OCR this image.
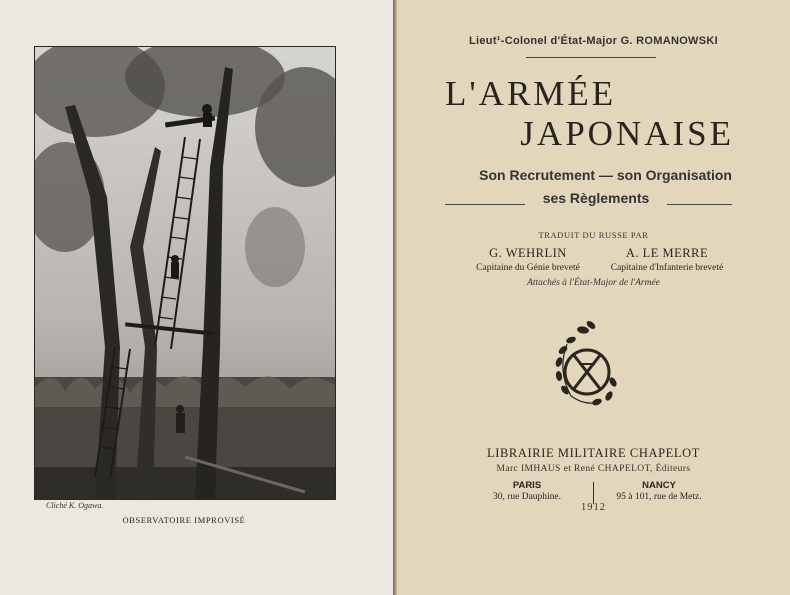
Cliché K. Ogawa.
OBSERVATOIRE IMPROVISÉ
Lieut¹-Colonel d'État-Major G. ROMANOWSKI
L'ARMÉE
JAPONAISE
Son Recrutement — son Organisation
ses Règlements
TRADUIT DU RUSSE PAR
G. WEHRLIN
Capitaine du Génie breveté
A. LE MERRE
Capitaine d'Infanterie breveté
Attachés à l'État-Major de l'Armée
LIBRAIRIE MILITAIRE CHAPELOT
Marc IMHAUS et René CHAPELOT, Éditeurs
PARIS
30, rue Dauphine.
NANCY
95 à 101, rue de Metz.
1912
